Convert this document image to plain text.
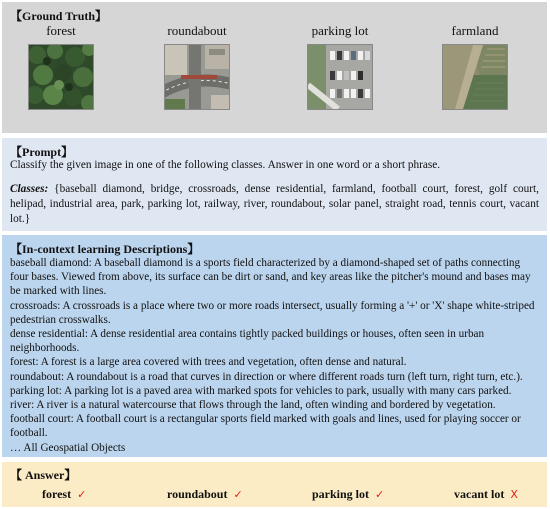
【Ground Truth】
forest	roundabout	parking lot	farmland
【Prompt】
Classify the given image in one of the following classes. Answer in one word or a short phrase.
Classes: {baseball diamond, bridge, crossroads, dense residential, farmland, football court, forest, golf court, helipad, industrial area, park, parking lot, railway, river, roundabout, solar panel, straight road, tennis court, vacant lot.}
【In-context learning Descriptions】

baseball diamond: A baseball diamond is a sports field characterized by a diamond-shaped set of paths connecting four bases. Viewed from above, its surface can be dirt or sand, and key areas like the pitcher's mound and bases may be marked with lines.

crossroads: A crossroads is a place where two or more roads intersect, usually forming a '+' or 'X' shape white-striped pedestrian crosswalks.

dense residential: A dense residential area contains tightly packed buildings or houses, often seen in urban neighborhoods.

forest: A forest is a large area covered with trees and vegetation, often dense and natural.

roundabout: A roundabout is a road that curves in direction or where different roads turn (left turn, right turn, etc.).

parking lot: A parking lot is a paved area with marked spots for vehicles to park, usually with many cars parked.

river: A river is a natural watercourse that flows through the land, often winding and bordered by vegetation.

football court: A football court is a rectangular sports field marked with goals and lines, used for playing soccer or football.

… All Geospatial Objects

【 Answer】
forest ✓	roundabout ✓	parking lot ✓	vacant lot X
